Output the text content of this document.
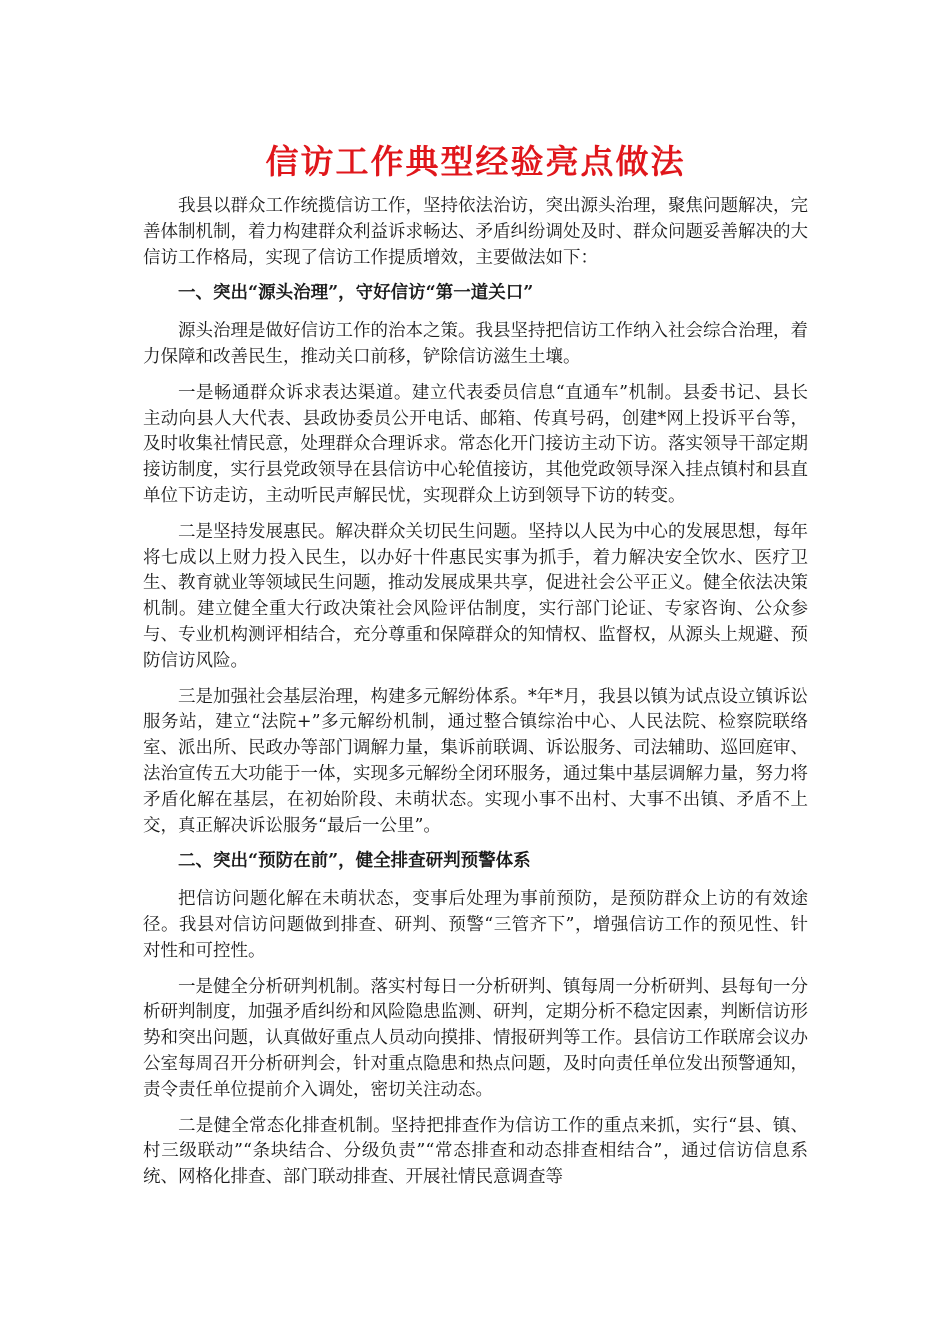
信访工作典型经验亮点做法

我县以群众工作统揽信访工作，坚持依法治访，突出源头治理，聚焦问题解决，完善体制机制，着力构建群众利益诉求畅达、矛盾纠纷调处及时、群众问题妥善解决的大信访工作格局，实现了信访工作提质增效，主要做法如下：

一、突出“源头治理”，守好信访“第一道关口”

源头治理是做好信访工作的治本之策。我县坚持把信访工作纳入社会综合治理，着力保障和改善民生，推动关口前移，铲除信访滋生土壤。

一是畅通群众诉求表达渠道。建立代表委员信息“直通车”机制。县委书记、县长主动向县人大代表、县政协委员公开电话、邮箱、传真号码，创建*网上投诉平台等，及时收集社情民意，处理群众合理诉求。常态化开门接访主动下访。落实领导干部定期接访制度，实行县党政领导在县信访中心轮值接访，其他党政领导深入挂点镇村和县直单位下访走访，主动听民声解民忧，实现群众上访到领导下访的转变。

二是坚持发展惠民。解决群众关切民生问题。坚持以人民为中心的发展思想，每年将七成以上财力投入民生，以办好十件惠民实事为抓手，着力解决安全饮水、医疗卫生、教育就业等领域民生问题，推动发展成果共享，促进社会公平正义。健全依法决策机制。建立健全重大行政决策社会风险评估制度，实行部门论证、专家咨询、公众参与、专业机构测评相结合，充分尊重和保障群众的知情权、监督权，从源头上规避、预防信访风险。

三是加强社会基层治理，构建多元解纷体系。*年*月，我县以镇为试点设立镇诉讼服务站，建立“法院+”多元解纷机制，通过整合镇综治中心、人民法院、检察院联络室、派出所、民政办等部门调解力量，集诉前联调、诉讼服务、司法辅助、巡回庭审、法治宣传五大功能于一体，实现多元解纷全闭环服务，通过集中基层调解力量，努力将矛盾化解在基层，在初始阶段、未萌状态。实现小事不出村、大事不出镇、矛盾不上交，真正解决诉讼服务“最后一公里”。

二、突出“预防在前”，健全排查研判预警体系

把信访问题化解在未萌状态，变事后处理为事前预防，是预防群众上访的有效途径。我县对信访问题做到排查、研判、预警“三管齐下”，增强信访工作的预见性、针对性和可控性。

一是健全分析研判机制。落实村每日一分析研判、镇每周一分析研判、县每旬一分析研判制度，加强矛盾纠纷和风险隐患监测、研判，定期分析不稳定因素，判断信访形势和突出问题，认真做好重点人员动向摸排、情报研判等工作。县信访工作联席会议办公室每周召开分析研判会，针对重点隐患和热点问题，及时向责任单位发出预警通知，责令责任单位提前介入调处，密切关注动态。

二是健全常态化排查机制。坚持把排查作为信访工作的重点来抓，实行“县、镇、村三级联动”“条块结合、分级负责”“常态排查和动态排查相结合”，通过信访信息系统、网格化排查、部门联动排查、开展社情民意调查等
